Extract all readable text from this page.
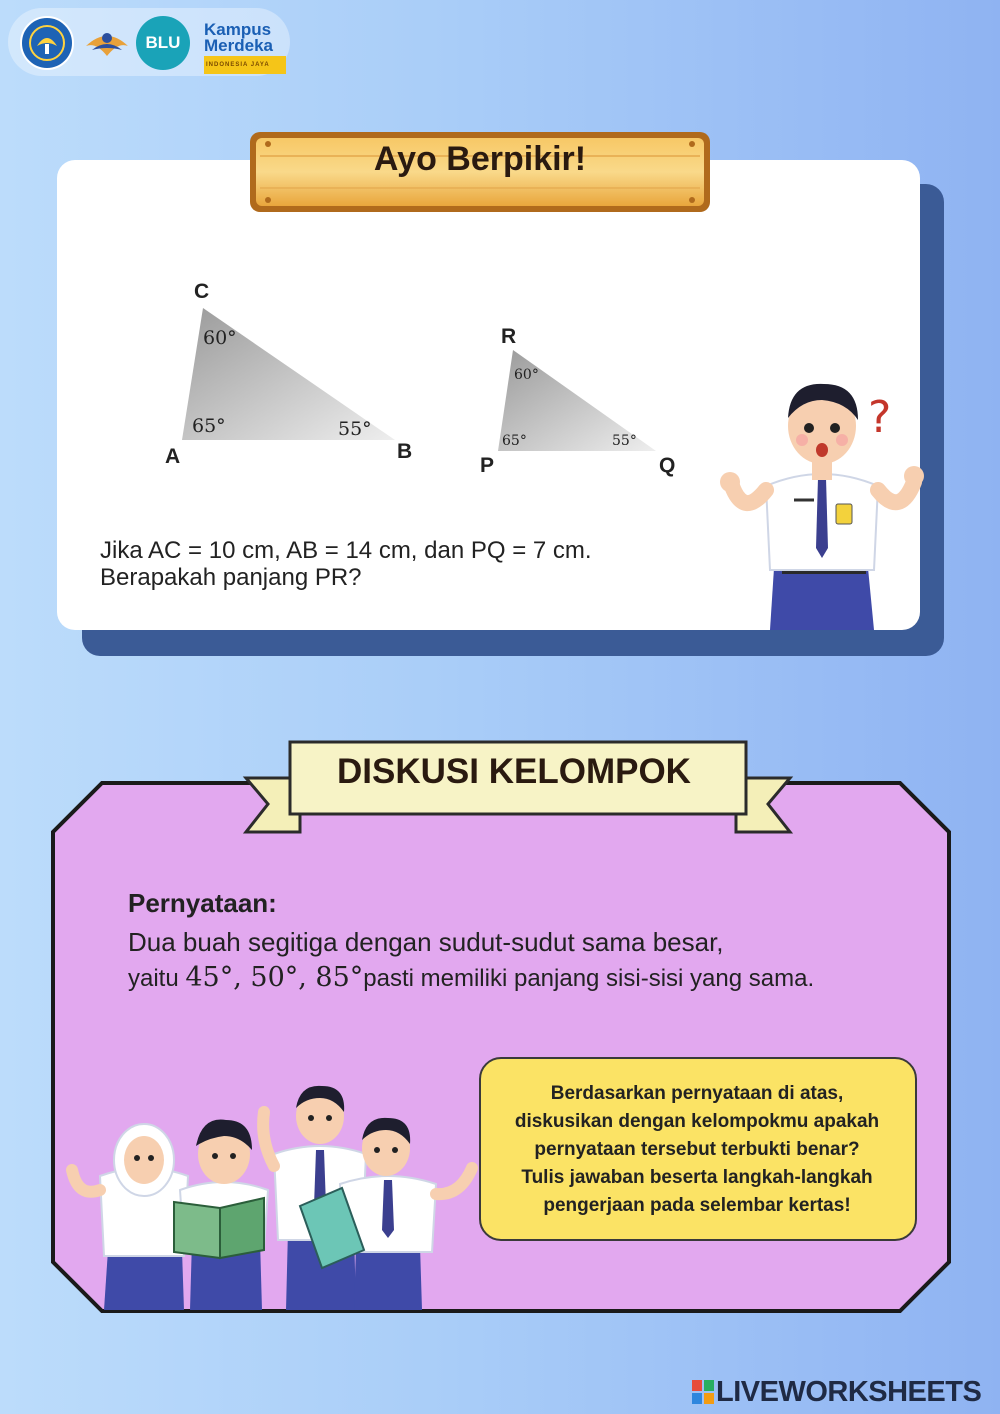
BLU
Kampus Merdeka
INDONESIA JAYA
Ayo Berpikir!
C
A	B
60°
65°	55°
R
P	Q
60°
65°	55°
Jika AC = 10 cm, AB = 14 cm, dan PQ = 7 cm.
Berapakah panjang PR?
?
DISKUSI KELOMPOK
Pernyataan:
Dua buah segitiga dengan sudut-sudut sama besar,
yaitu 45°, 50°, 85°pasti memiliki panjang sisi-sisi yang sama.
Berdasarkan pernyataan di atas,
diskusikan dengan kelompokmu apakah
pernyataan tersebut terbukti benar?
Tulis jawaban beserta langkah-langkah
pengerjaan pada selembar kertas!
LIVEWORKSHEETS
